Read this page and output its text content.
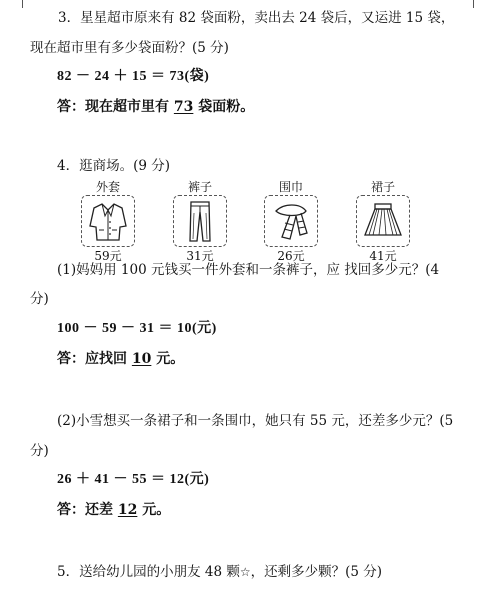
3．星星超市原来有 82 袋面粉，卖出去 24 袋后，又运进 15 袋，
现在超市里有多少袋面粉？(5 分)
82 － 24 ＋ 15 ＝ 73(袋)
答：现在超市里有 73 袋面粉。
4．逛商场。(9 分)
外套
59元
裤子
31元
围巾
26元
裙子
41元
(1)妈妈用 100 元钱买一件外套和一条裤子，应 找回多少元？(4
分)
100 － 59 － 31 ＝ 10(元)
答：应找回 10 元。
(2)小雪想买一条裙子和一条围巾，她只有 55 元，还差多少元？(5
分)
26 ＋ 41 － 55 ＝ 12(元)
答：还差 12 元。
5．送给幼儿园的小朋友 48 颗☆，还剩多少颗？(5 分)
